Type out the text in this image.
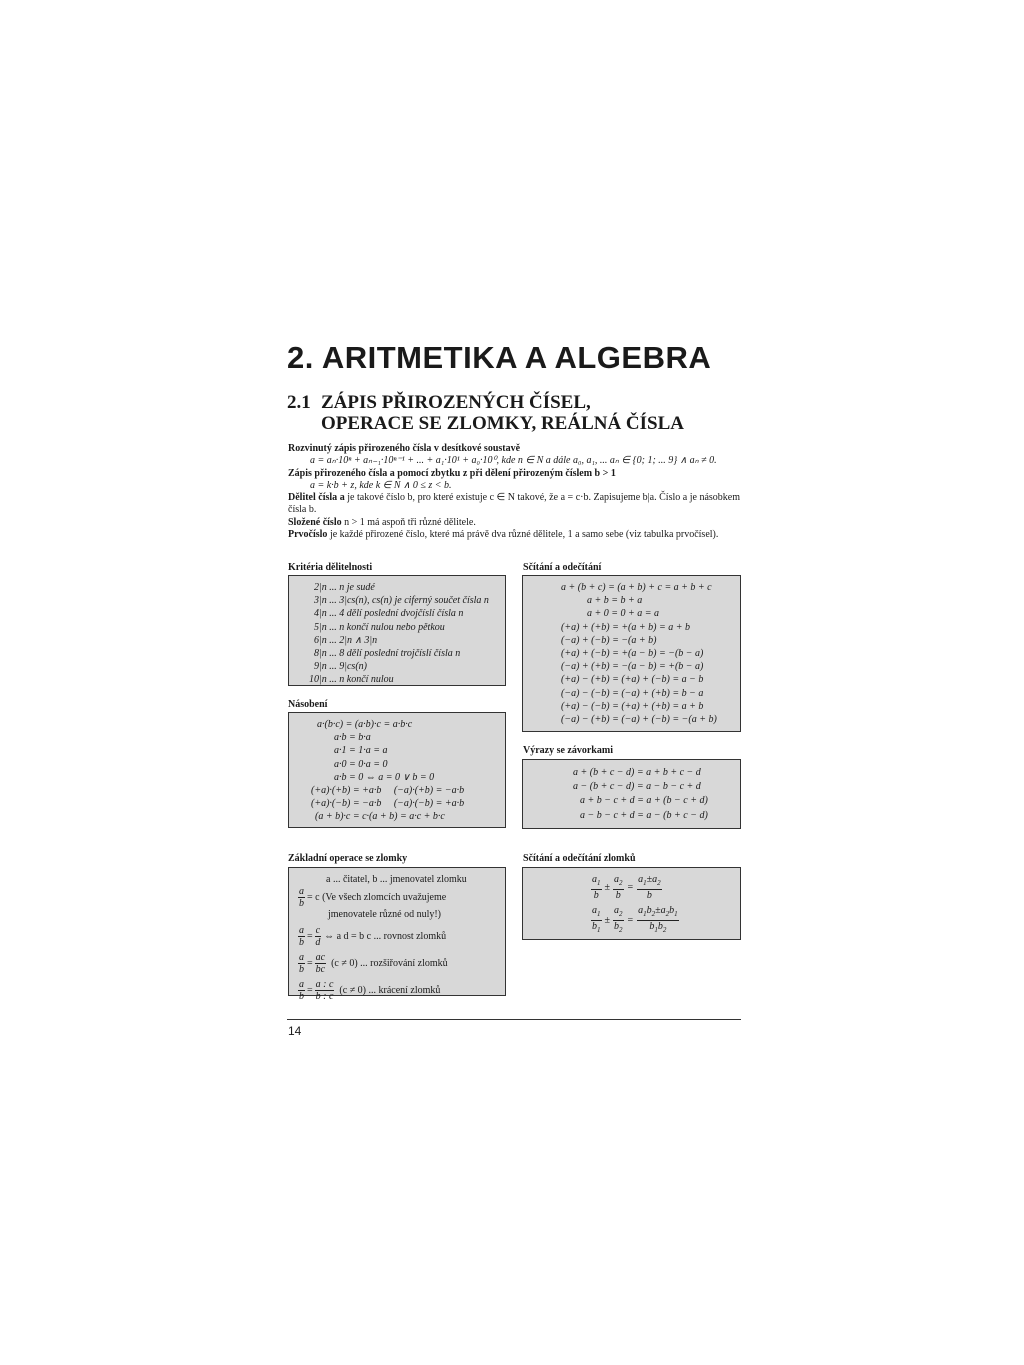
2. ARITMETIKA A ALGEBRA
2.1 ZÁPIS PŘIROZENÝCH ČÍSEL,
OPERACE SE ZLOMKY, REÁLNÁ ČÍSLA

Rozvinutý zápis přirozeného čísla v desítkové soustavě

a = aₙ·10ⁿ + aₙ₋₁·10ⁿ⁻¹ + ... + a₁·10¹ + a₀·10⁰, kde n ∈ N a dále a₀, a₁, ... aₙ ∈ {0; 1; ... 9} ∧ aₙ ≠ 0.

Zápis přirozeného čísla a pomocí zbytku z při dělení přirozeným číslem b > 1

a = k·b + z, kde k ∈ N ∧ 0 ≤ z < b.

Dělitel čísla a je takové číslo b, pro které existuje c ∈ N takové, že a = c·b. Zapisujeme b|a. Číslo a je násobkem čísla b.

Složené číslo n > 1 má aspoň tři různé dělitele.

Prvočíslo je každé přirozené číslo, které má právě dva různé dělitele, 1 a samo sebe (viz tabulka prvočísel).

Kritéria dělitelnosti
2|n ... n je sudé
3|n ... 3|cs(n), cs(n) je ciferný součet čísla n
4|n ... 4 dělí poslední dvojčíslí čísla n
5|n ... n končí nulou nebo pětkou
6|n ... 2|n ∧ 3|n
8|n ... 8 dělí poslední trojčíslí čísla n
9|n ... 9|cs(n)
10|n ... n končí nulou
Sčítání a odečítání
a + (b + c) = (a + b) + c = a + b + c
a + b = b + a
a + 0 = 0 + a = a
(+a) + (+b) = +(a + b) = a + b
(−a) + (−b) = −(a + b)
(+a) + (−b) = +(a − b) = −(b − a)
(−a) + (+b) = −(a − b) = +(b − a)
(+a) − (+b) = (+a) + (−b) = a − b
(−a) − (−b) = (−a) + (+b) = b − a
(+a) − (−b) = (+a) + (+b) = a + b
(−a) − (+b) = (−a) + (−b) = −(a + b)
Násobení
a·(b·c) = (a·b)·c = a·b·c
a·b = b·a
a·1 = 1·a = a
a·0 = 0·a = 0
a·b = 0 ⇔ a = 0 ∨ b = 0
(+a)·(+b) = +a·b     (−a)·(+b) = −a·b
(+a)·(−b) = −a·b     (−a)·(−b) = +a·b
(a + b)·c = c·(a + b) = a·c + b·c
Výrazy se závorkami
a + (b + c − d) = a + b + c − d
a − (b + c − d) = a − b − c + d
a + b − c + d = a + (b − c + d)
a − b − c + d = a − (b + c − d)
Základní operace se zlomky
a ... čitatel, b ... jmenovatel zlomku
$\frac{a}{b} = c$ (Ve všech zlomcích uvažujeme
jmenovatele různé od nuly!)
$\frac{a}{b} = \frac{c}{d}$ ⇔ a d = b c ... rovnost zlomků
$\frac{a}{b} = \frac{ac}{bc} (c \ne 0)$ ... rozšiřování zlomků
$\frac{a}{b} = \frac{a : c}{b : c} (c \ne 0)$ ... krácení zlomků
Sčítání a odečítání zlomků
$\frac{a_1}{b} \pm \frac{a_2}{b} = \frac{a_1\pm a_2}{b}$
$\frac{a_1}{b_1} \pm \frac{a_2}{b_2} = \frac{a_1b_2\pm a_2b_1}{b_1b_2}$
14
